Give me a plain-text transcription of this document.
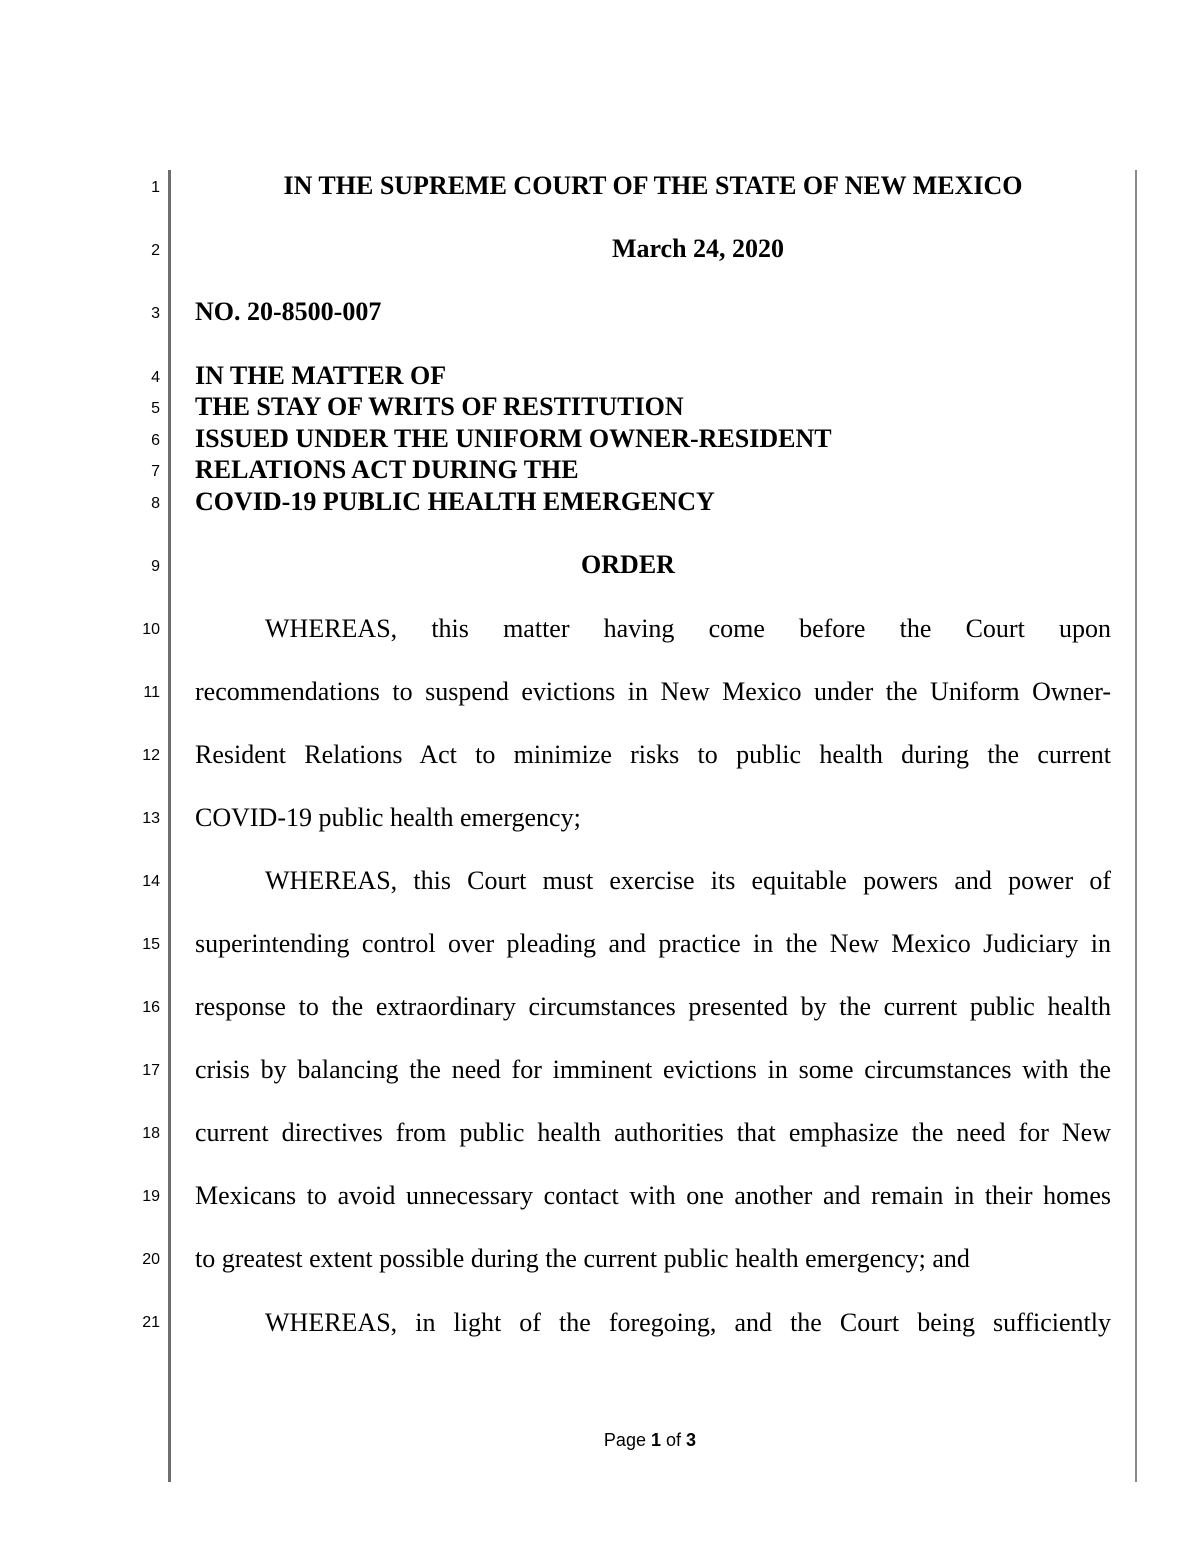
1
2
3
4
5
6
7
8
9
10
11
12
13
14
15
16
17
18
19
20
21
IN THE SUPREME COURT OF THE STATE OF NEW MEXICO
March 24, 2020
NO. 20-8500-007
IN THE MATTER OF
THE STAY OF WRITS OF RESTITUTION
ISSUED UNDER THE UNIFORM OWNER-RESIDENT
RELATIONS ACT DURING THE
COVID-19 PUBLIC HEALTH EMERGENCY
ORDER
WHEREAS, this matter having come before the Court upon
recommendations to suspend evictions in New Mexico under the Uniform Owner-
Resident Relations Act to minimize risks to public health during the current
COVID-19 public health emergency;
WHEREAS, this Court must exercise its equitable powers and power of
superintending control over pleading and practice in the New Mexico Judiciary in
response to the extraordinary circumstances presented by the current public health
crisis by balancing the need for imminent evictions in some circumstances with the
current directives from public health authorities that emphasize the need for New
Mexicans to avoid unnecessary contact with one another and remain in their homes
to greatest extent possible during the current public health emergency; and
WHEREAS, in light of the foregoing, and the Court being sufficiently
Page 1 of 3
